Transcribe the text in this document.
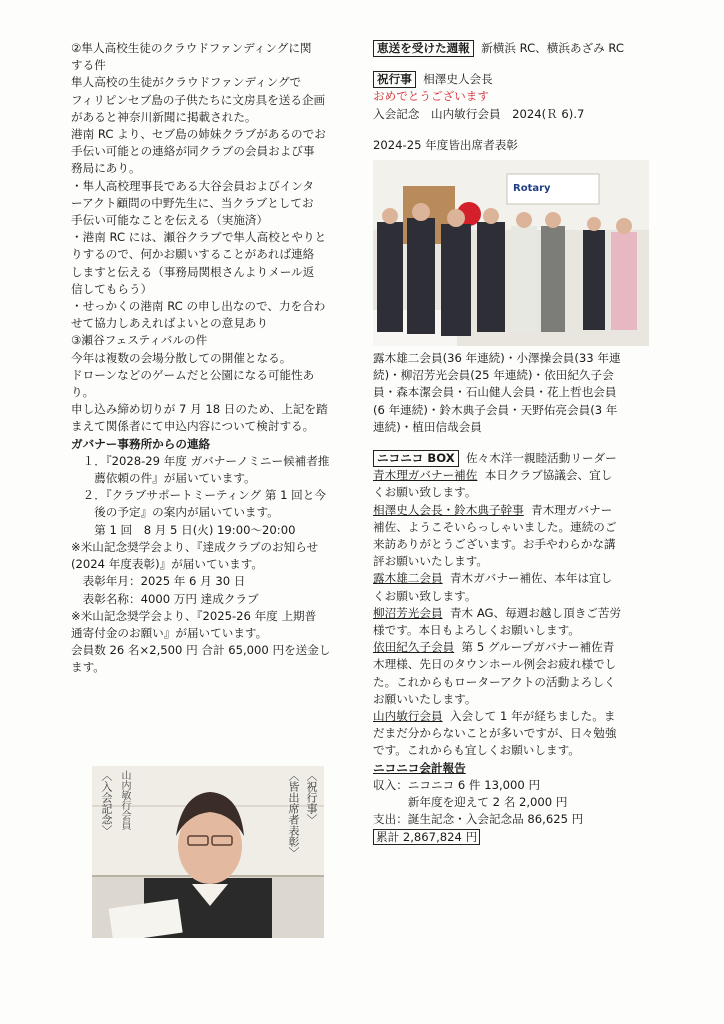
②隼人高校生徒のクラウドファンディングに関
する件

隼人高校の生徒がクラウドファンディングで
フィリピンセブ島の子供たちに文房具を送る企画
があると神奈川新聞に掲載された。

港南 RC より、セブ島の姉妹クラブがあるのでお
手伝い可能との連絡が同クラブの会員および事
務局にあり。

・隼人高校理事長である大谷会員およびインタ
ーアクト顧問の中野先生に、当クラブとしてお
手伝い可能なことを伝える（実施済）

・港南 RC には、瀬谷クラブで隼人高校とやりと
りするので、何かお願いすることがあれば連絡
しますと伝える（事務局関根さんよりメール返
信してもらう）

・せっかくの港南 RC の申し出なので、力を合わ
せて協力しあえればよいとの意見あり

③瀬谷フェスティバルの件

今年は複数の会場分散しての開催となる。

ドローンなどのゲームだと公園になる可能性あ
り。

申し込み締め切りが 7 月 18 日のため、上記を踏
まえて関係者にて申込内容について検討する。

ガバナー事務所からの連絡

１．『2028-29 年度 ガバナーノミニー候補者推
薦依頼の件』が届いています。

２．『クラブサポートミーティング 第 1 回と今
後の予定』の案内が届いています。
第 1 回　8 月 5 日(火) 19:00～20:00

※米山記念奨学会より、『達成クラブのお知らせ
(2024 年度表彰)』が届いています。
表彰年月：2025 年 6 月 30 日
表彰名称：4000 万円 達成クラブ

※米山記念奨学会より、『2025-26 年度 上期普
通寄付金のお願い』が届いています。

会員数 26 名×2,500 円 合計 65,000 円を送金し
ます。

〈祝行事〉
〈皆出席者表彰〉
〈入会記念〉 山内敏行会員

恵送を受けた週報 新横浜 RC、横浜あざみ RC

祝行事 相澤史人会長

おめでとうございます

入会記念　山内敏行会員　2024(Ｒ 6).7

2024-25 年度皆出席者表彰

Rotary

露木雄二会員(36 年連続)・小澤操会員(33 年連
続)・柳沼芳光会員(25 年連続)・依田紀久子会
員・森本潔会員・石山健人会員・花上哲也会員
(6 年連続)・鈴木典子会員・天野佑亮会員(3 年
連続)・植田信哉会員

ニコニコ BOX 佐々木洋一親睦活動リーダー

青木理ガバナー補佐 本日クラブ協議会、宜し
くお願い致します。

相澤史人会長・鈴木典子幹事 青木理ガバナー
補佐、ようこそいらっしゃいました。連続のご
来訪ありがとうございます。お手やわらかな講
評お願いいたします。

露木雄二会員 青木ガバナー補佐、本年は宜し
くお願い致します。

柳沼芳光会員 青木 AG、毎週お越し頂きご苦労
様です。本日もよろしくお願いします。

依田紀久子会員 第 5 グループガバナー補佐青
木理様、先日のタウンホール例会お疲れ様でし
た。これからもローターアクトの活動よろしく
お願いいたします。

山内敏行会員 入会して 1 年が経ちました。ま
だまだ分からないことが多いですが、日々勉強
です。これからも宜しくお願いします。

ニコニコ会計報告

収入： ニコニコ 6 件 13,000 円
新年度を迎えて 2 名 2,000 円
支出： 誕生記念・入会記念品 86,625 円

累計 2,867,824 円
